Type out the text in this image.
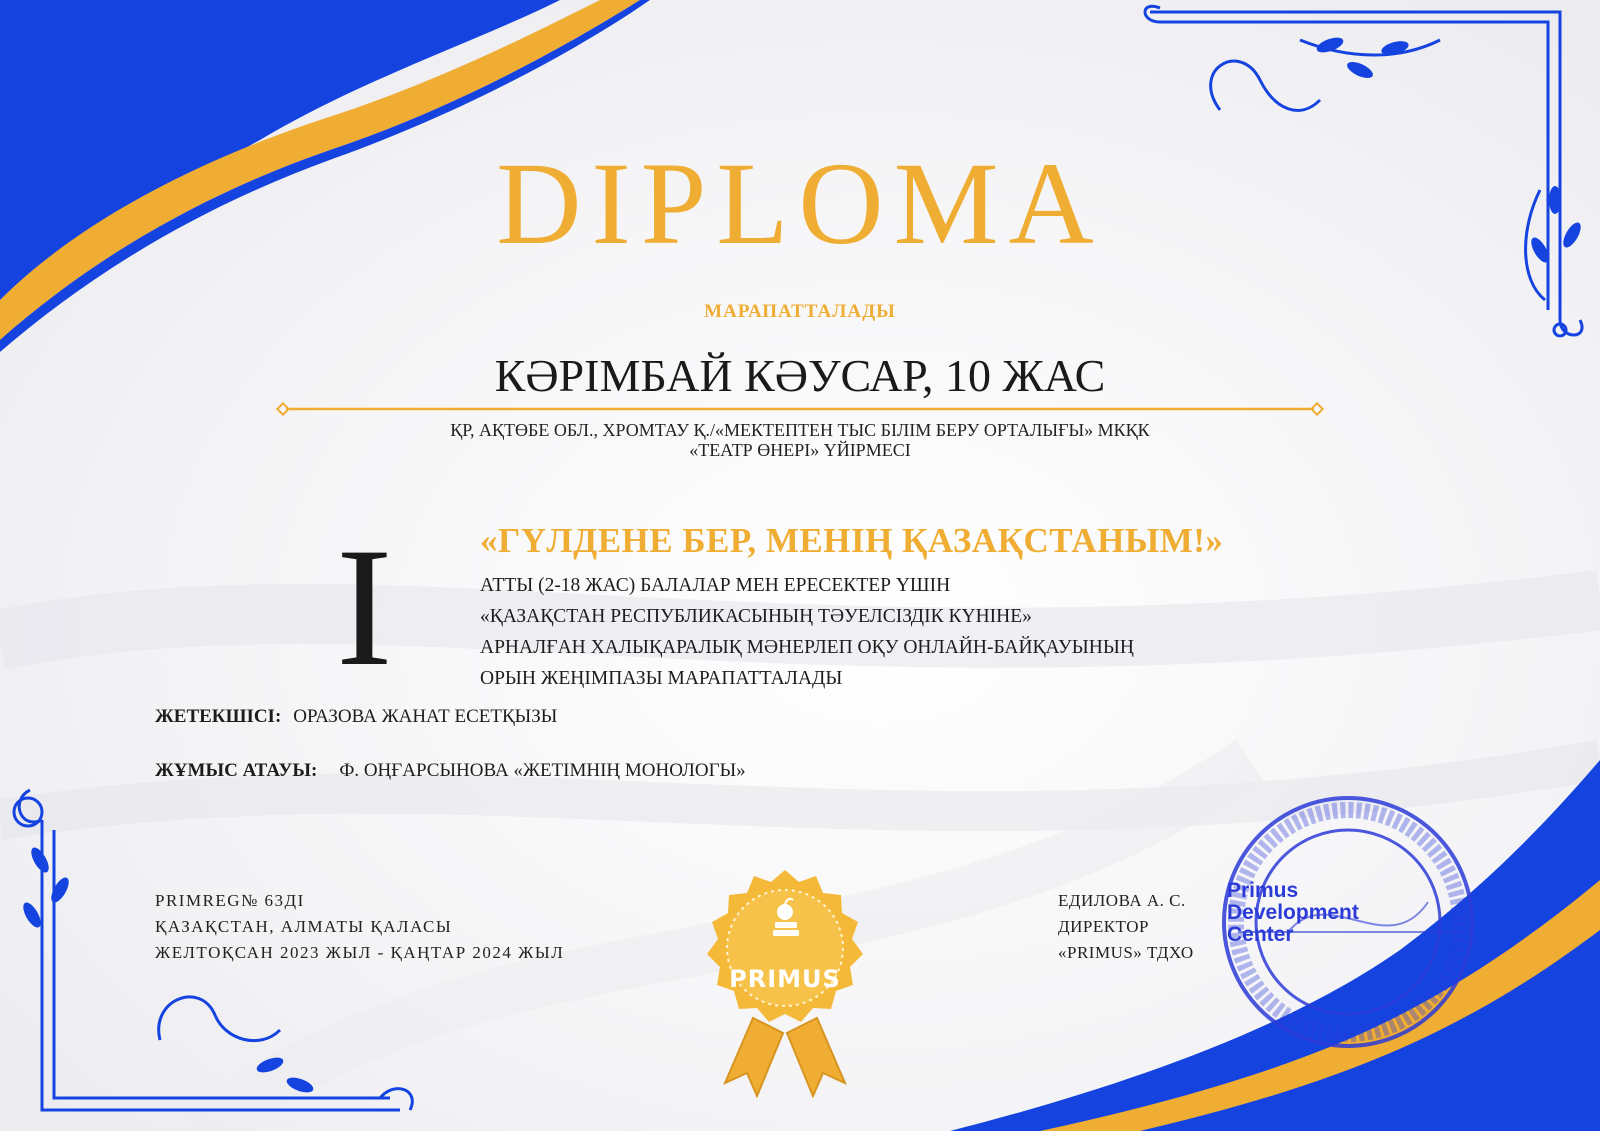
DIPLOMA
МАРАПАТТАЛАДЫ
КӘРІМБАЙ КӘУСАР, 10 ЖАС
ҚР, АҚТӨБЕ ОБЛ., ХРОМТАУ Қ./«МЕКТЕПТЕН ТЫС БІЛІМ БЕРУ ОРТАЛЫҒЫ» МКҚК
«ТЕАТР ӨНЕРІ» ҮЙІРМЕСІ
I «ГҮЛДЕНЕ БЕР, МЕНІҢ ҚАЗАҚСТАНЫМ!»
АТТЫ (2-18 ЖАС) БАЛАЛАР МЕН ЕРЕСЕКТЕР ҮШІН
«ҚАЗАҚСТАН РЕСПУБЛИКАСЫНЫҢ ТӘУЕЛСІЗДІК КҮНІНЕ»
АРНАЛҒАН ХАЛЫҚАРАЛЫҚ МӘНЕРЛЕП ОҚУ ОНЛАЙН-БАЙҚАУЫНЫҢ
ОРЫН ЖЕҢІМПАЗЫ МАРАПАТТАЛАДЫ
ЖЕТЕКШІСІ: ОРАЗОВА ЖАНАТ ЕСЕТҚЫЗЫ
ЖҰМЫС АТАУЫ: Ф. ОҢҒАРСЫНОВА «ЖЕТІМНІҢ МОНОЛОГЫ»
PRIMREG№ 63ДІ
ҚАЗАҚСТАН, АЛМАТЫ ҚАЛАСЫ
ЖЕЛТОҚСАН 2023 ЖЫЛ - ҚАҢТАР 2024 ЖЫЛ
PRIMUS
ЕДИЛОВА А. С.
ДИРЕКТОР
«PRIMUS» ТДХО
Primus
Development
Center
